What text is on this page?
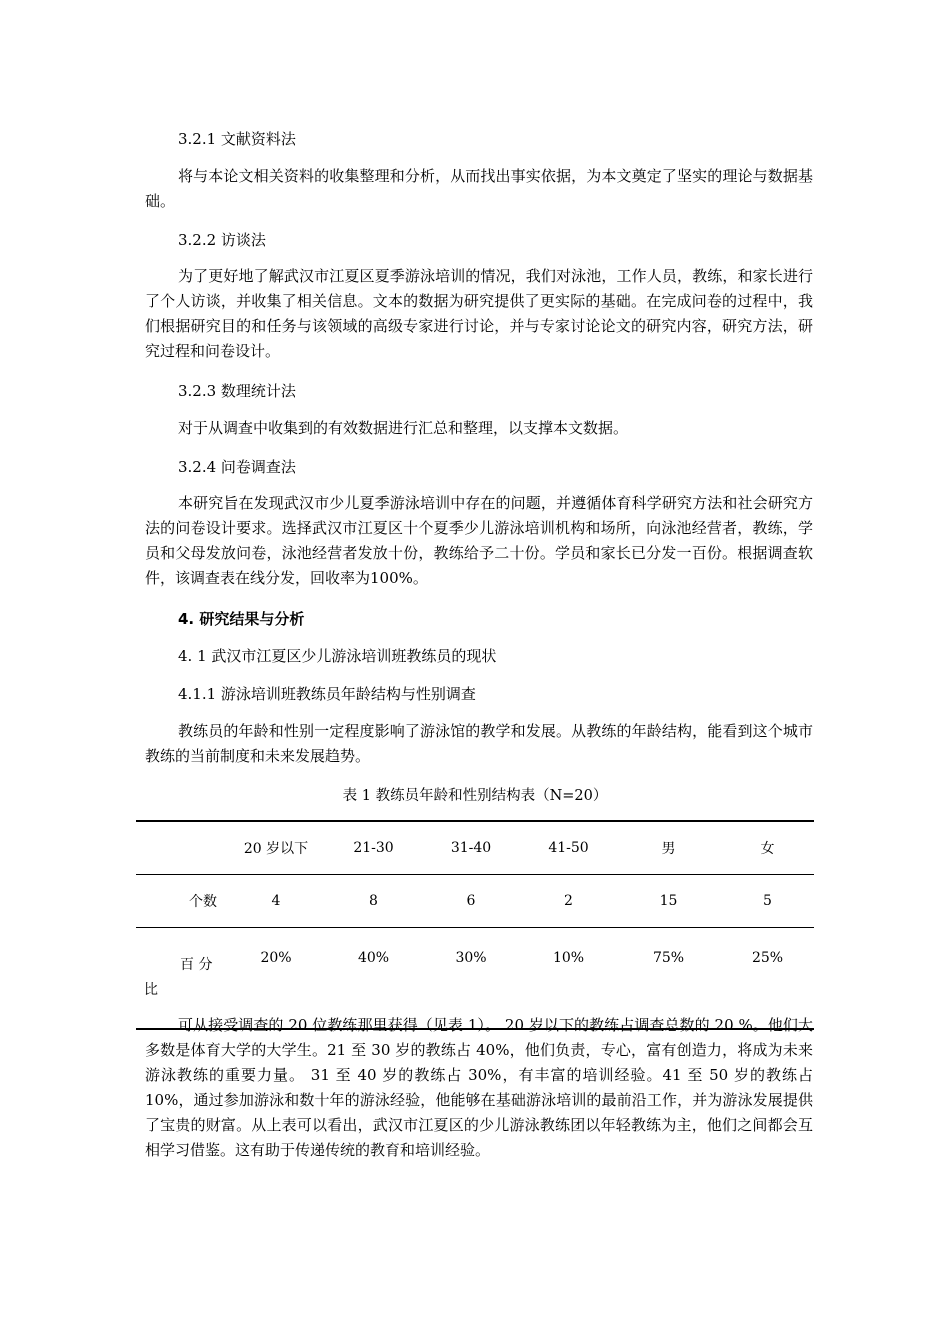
3.2.1 文献资料法
将与本论文相关资料的收集整理和分析，从而找出事实依据，为本文奠定了坚实的理论与数据基础。
3.2.2 访谈法
为了更好地了解武汉市江夏区夏季游泳培训的情况，我们对泳池，工作人员，教练，和家长进行了个人访谈，并收集了相关信息。文本的数据为研究提供了更实际的基础。在完成问卷的过程中，我们根据研究目的和任务与该领域的高级专家进行讨论，并与专家讨论论文的研究内容，研究方法，研究过程和问卷设计。
3.2.3 数理统计法
对于从调查中收集到的有效数据进行汇总和整理，以支撑本文数据。
3.2.4 问卷调查法
本研究旨在发现武汉市少儿夏季游泳培训中存在的问题，并遵循体育科学研究方法和社会研究方法的问卷设计要求。选择武汉市江夏区十个夏季少儿游泳培训机构和场所，向泳池经营者，教练，学员和父母发放问卷，泳池经营者发放十份，教练给予二十份。学员和家长已分发一百份。根据调查软件，该调查表在线分发，回收率为100%。
4. 研究结果与分析
4. 1 武汉市江夏区少儿游泳培训班教练员的现状
4.1.1 游泳培训班教练员年龄结构与性别调查
教练员的年龄和性别一定程度影响了游泳馆的教学和发展。从教练的年龄结构，能看到这个城市教练的当前制度和未来发展趋势。
表 1 教练员年龄和性别结构表（N=20）
	20 岁以下	21-30	31-40	41-50	男	女

个数	4	8	6	2	15	5

百 分
比	20%	40%	30%	10%	75%	25%
可从接受调查的 20 位教练那里获得（见表 1）。 20 岁以下的教练占调查总数的 20 %。他们大多数是体育大学的大学生。21 至 30 岁的教练占 40%，他们负责，专心，富有创造力，将成为未来游泳教练的重要力量。 31 至 40 岁的教练占 30%，有丰富的培训经验。41 至 50 岁的教练占 10%，通过参加游泳和数十年的游泳经验，他能够在基础游泳培训的最前沿工作，并为游泳发展提供了宝贵的财富。从上表可以看出，武汉市江夏区的少儿游泳教练团以年轻教练为主，他们之间都会互相学习借鉴。这有助于传递传统的教育和培训经验。
